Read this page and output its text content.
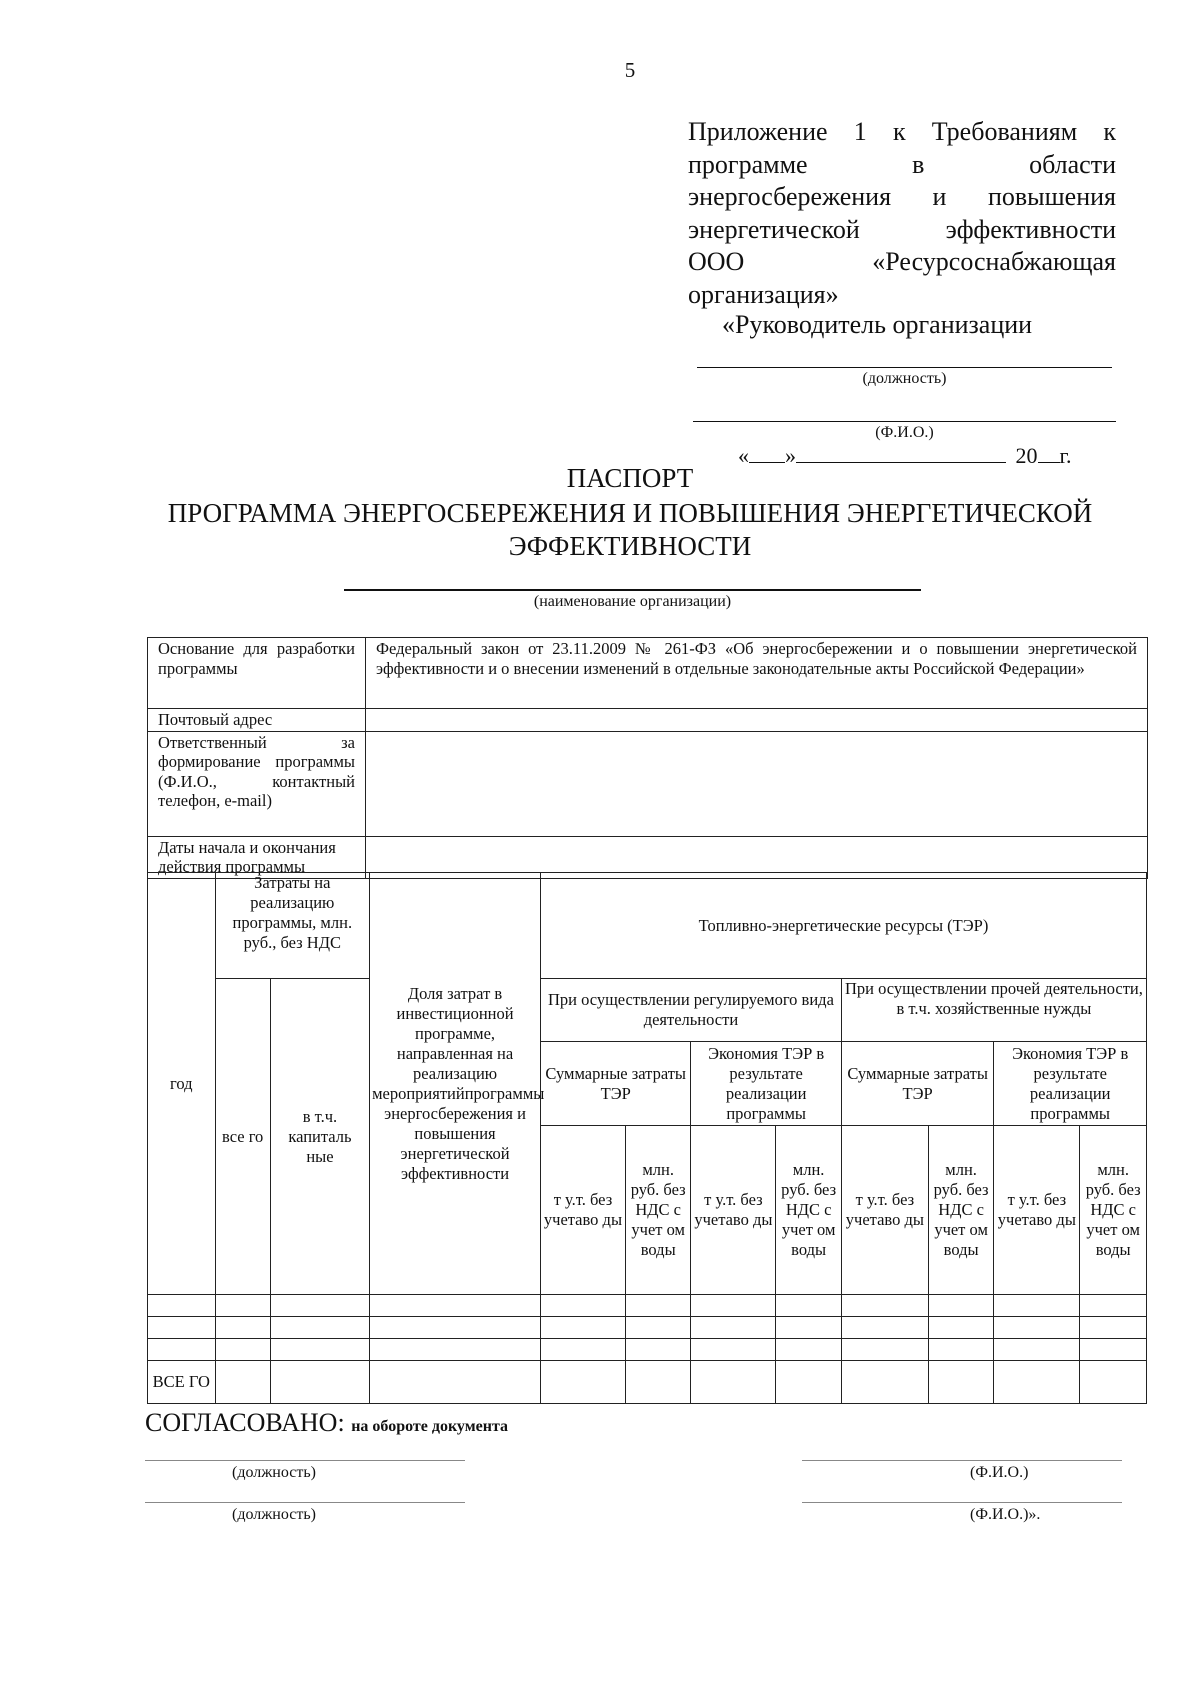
5
Приложение 1 к Требованиям к
программе в области
энергосбережения и повышения
энергетической эффективности
ООО «Ресурсоснабжающая
организация»
«Руководитель организации
(должность)
(Ф.И.О.)
« »	20 г.
ПАСПОРТ
ПРОГРАММА ЭНЕРГОСБЕРЕЖЕНИЯ И ПОВЫШЕНИЯ ЭНЕРГЕТИЧЕСКОЙ ЭФФЕКТИВНОСТИ
(наименование организации)
Основание для разработки программы	Федеральный закон от 23.11.2009 № 261-ФЗ «Об энергосбережении и о повышении энергетической эффективности и о внесении изменений в отдельные законодательные акты Российской Федерации»
Почтовый адрес	
Ответственный за формирование программы (Ф.И.О., контактный телефон, e-mail)	
Даты начала и окончания действия программы	
год	Затраты на реализацию программы, млн. руб., без НДС		Доля затрат в инвестиционной программе, направленная на реализацию мероприятийпрограммы энергосбережения и повышения энергетической эффективности	Топливно-энергетические ресурсы (ТЭР)							
	все го	в т.ч. капиталь ные		При осуществлении регулируемого вида деятельности				При осуществлении прочей деятельности, в т.ч. хозяйственные нужды			
				Суммарные затраты ТЭР		Экономия ТЭР в результате реализации программы		Суммарные затраты ТЭР		Экономия ТЭР в результате реализации программы	
				т у.т. без учетаво ды	млн. руб. без НДС с учет ом воды	т у.т. без учетаво ды	млн. руб. без НДС с учет ом воды	т у.т. без учетаво ды	млн. руб. без НДС с учет ом воды	т у.т. без учетаво ды	млн. руб. без НДС с учет ом воды

ВСЕ ГО											
СОГЛАСОВАНО: на обороте документа
(должность)	(Ф.И.О.)
(должность)	(Ф.И.О.)».
